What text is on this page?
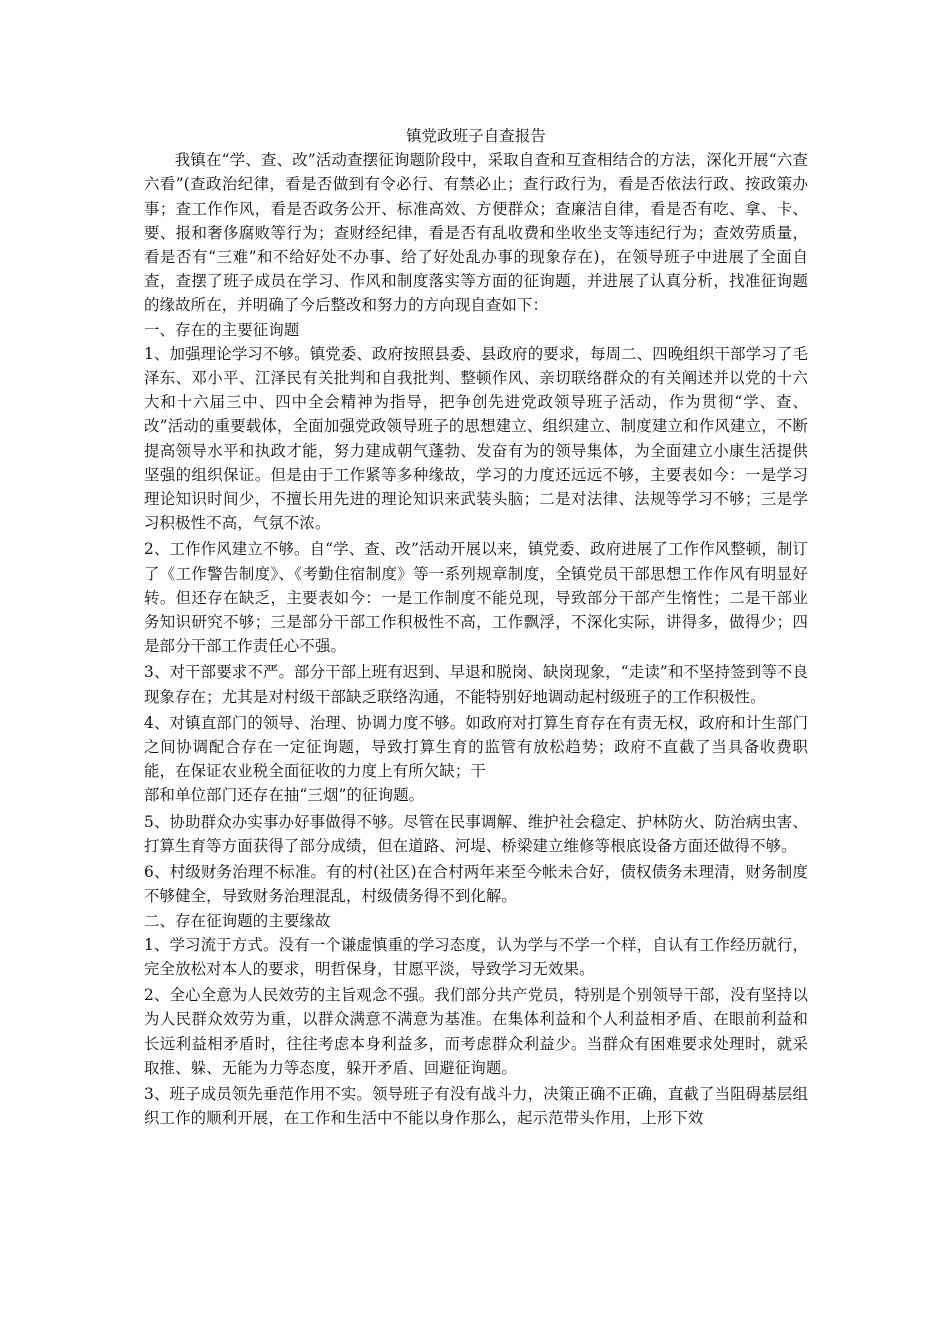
镇党政班子自查报告

我镇在“学、查、改”活动查摆征询题阶段中，采取自查和互查相结合的方法，深化开展“六查六看”(查政治纪律，看是否做到有令必行、有禁必止；查行政行为，看是否依法行政、按政策办事；查工作作风，看是否政务公开、标准高效、方便群众；查廉洁自律，看是否有吃、拿、卡、要、报和奢侈腐败等行为；查财经纪律，看是否有乱收费和坐收坐支等违纪行为；查效劳质量，看是否有“三难”和不给好处不办事、给了好处乱办事的现象存在)，在领导班子中进展了全面自查，查摆了班子成员在学习、作风和制度落实等方面的征询题，并进展了认真分析，找准征询题的缘故所在，并明确了今后整改和努力的方向现自查如下：

一、存在的主要征询题

1、加强理论学习不够。镇党委、政府按照县委、县政府的要求，每周二、四晚组织干部学习了毛泽东、邓小平、江泽民有关批判和自我批判、整顿作风、亲切联络群众的有关阐述并以党的十六大和十六届三中、四中全会精神为指导，把争创先进党政领导班子活动，作为贯彻“学、查、改”活动的重要载体，全面加强党政领导班子的思想建立、组织建立、制度建立和作风建立，不断提高领导水平和执政才能，努力建成朝气蓬勃、发奋有为的领导集体，为全面建立小康生活提供坚强的组织保证。但是由于工作紧等多种缘故，学习的力度还远远不够，主要表如今：一是学习理论知识时间少，不擅长用先进的理论知识来武装头脑；二是对法律、法规等学习不够；三是学习积极性不高，气氛不浓。

2、工作作风建立不够。自“学、查、改”活动开展以来，镇党委、政府进展了工作作风整顿，制订了《工作警告制度》、《考勤住宿制度》等一系列规章制度，全镇党员干部思想工作作风有明显好转。但还存在缺乏，主要表如今：一是工作制度不能兑现，导致部分干部产生惰性；二是干部业务知识研究不够；三是部分干部工作积极性不高，工作飘浮，不深化实际，讲得多，做得少；四是部分干部工作责任心不强。

3、对干部要求不严。部分干部上班有迟到、早退和脱岗、缺岗现象，“走读”和不坚持签到等不良现象存在；尤其是对村级干部缺乏联络沟通，不能特别好地调动起村级班子的工作积极性。

4、对镇直部门的领导、治理、协调力度不够。如政府对打算生育存在有责无权，政府和计生部门之间协调配合存在一定征询题，导致打算生育的监管有放松趋势；政府不直截了当具备收费职能，在保证农业税全面征收的力度上有所欠缺；干

部和单位部门还存在抽“三烟”的征询题。

5、协助群众办实事办好事做得不够。尽管在民事调解、维护社会稳定、护林防火、防治病虫害、打算生育等方面获得了部分成绩，但在道路、河堤、桥梁建立维修等根底设备方面还做得不够。

6、村级财务治理不标准。有的村(社区)在合村两年来至今帐未合好，债权债务未理清，财务制度不够健全，导致财务治理混乱，村级债务得不到化解。

二、存在征询题的主要缘故

1、学习流于方式。没有一个谦虚慎重的学习态度，认为学与不学一个样，自认有工作经历就行，完全放松对本人的要求，明哲保身，甘愿平淡，导致学习无效果。

2、全心全意为人民效劳的主旨观念不强。我们部分共产党员，特别是个别领导干部，没有坚持以为人民群众效劳为重，以群众满意不满意为基准。在集体利益和个人利益相矛盾、在眼前利益和长远利益相矛盾时，往往考虑本身利益多，而考虑群众利益少。当群众有困难要求处理时，就采取推、躲、无能为力等态度，躲开矛盾、回避征询题。

3、班子成员领先垂范作用不实。领导班子有没有战斗力，决策正确不正确，直截了当阻碍基层组织工作的顺利开展，在工作和生活中不能以身作那么，起示范带头作用，上形下效
